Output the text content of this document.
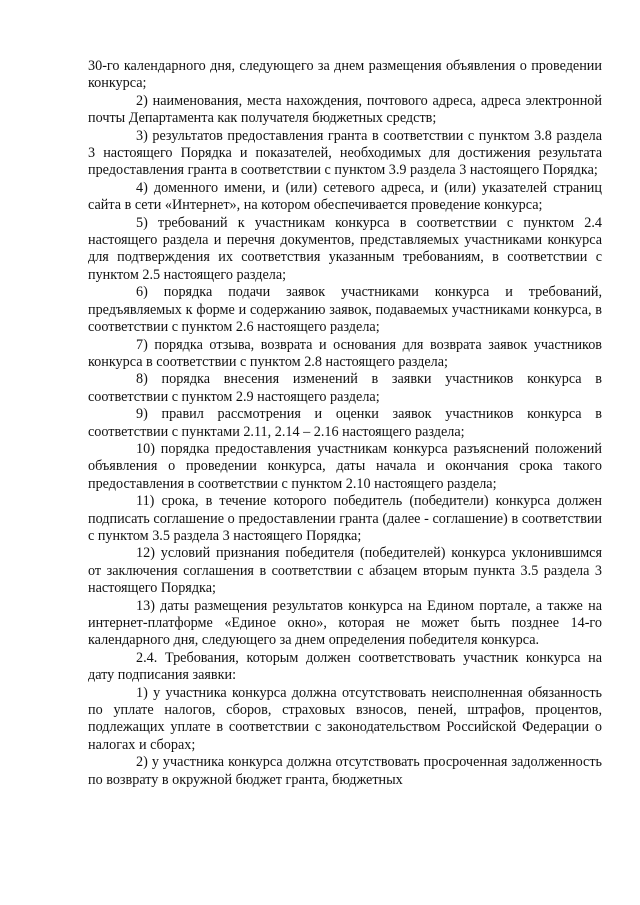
30-го календарного дня, следующего за днем размещения объявления о проведении конкурса;

2) наименования, места нахождения, почтового адреса, адреса электронной почты Департамента как получателя бюджетных средств;

3) результатов предоставления гранта в соответствии с пунктом 3.8 раздела 3 настоящего Порядка и показателей, необходимых для достижения результата предоставления гранта в соответствии с пунктом 3.9 раздела 3 настоящего Порядка;

4) доменного имени, и (или) сетевого адреса, и (или) указателей страниц сайта в сети «Интернет», на котором обеспечивается проведение конкурса;

5) требований к участникам конкурса в соответствии с пунктом 2.4 настоящего раздела и перечня документов, представляемых участниками конкурса для подтверждения их соответствия указанным требованиям, в соответствии с пунктом 2.5 настоящего раздела;

6) порядка подачи заявок участниками конкурса и требований, предъявляемых к форме и содержанию заявок, подаваемых участниками конкурса, в соответствии с пунктом 2.6 настоящего раздела;

7) порядка отзыва, возврата и основания для возврата заявок участников конкурса в соответствии с пунктом 2.8 настоящего раздела;

8) порядка внесения изменений в заявки участников конкурса в соответствии с пунктом 2.9 настоящего раздела;

9) правил рассмотрения и оценки заявок участников конкурса в соответствии с пунктами 2.11, 2.14 – 2.16 настоящего раздела;

10) порядка предоставления участникам конкурса разъяснений положений объявления о проведении конкурса, даты начала и окончания срока такого предоставления в соответствии с пунктом 2.10 настоящего раздела;

11) срока, в течение которого победитель (победители) конкурса должен подписать соглашение о предоставлении гранта (далее - соглашение) в соответствии с пунктом 3.5 раздела 3 настоящего Порядка;

12) условий признания победителя (победителей) конкурса уклонившимся от заключения соглашения в соответствии с абзацем вторым пункта 3.5 раздела 3 настоящего Порядка;

13) даты размещения результатов конкурса на Едином портале, а также на интернет-платформе «Единое окно», которая не может быть позднее 14-го календарного дня, следующего за днем определения победителя конкурса.

2.4. Требования, которым должен соответствовать участник конкурса на дату подписания заявки:

1) у участника конкурса должна отсутствовать неисполненная обязанность по уплате налогов, сборов, страховых взносов, пеней, штрафов, процентов, подлежащих уплате в соответствии с законодательством Российской Федерации о налогах и сборах;

2) у участника конкурса должна отсутствовать просроченная задолженность по возврату в окружной бюджет гранта, бюджетных
